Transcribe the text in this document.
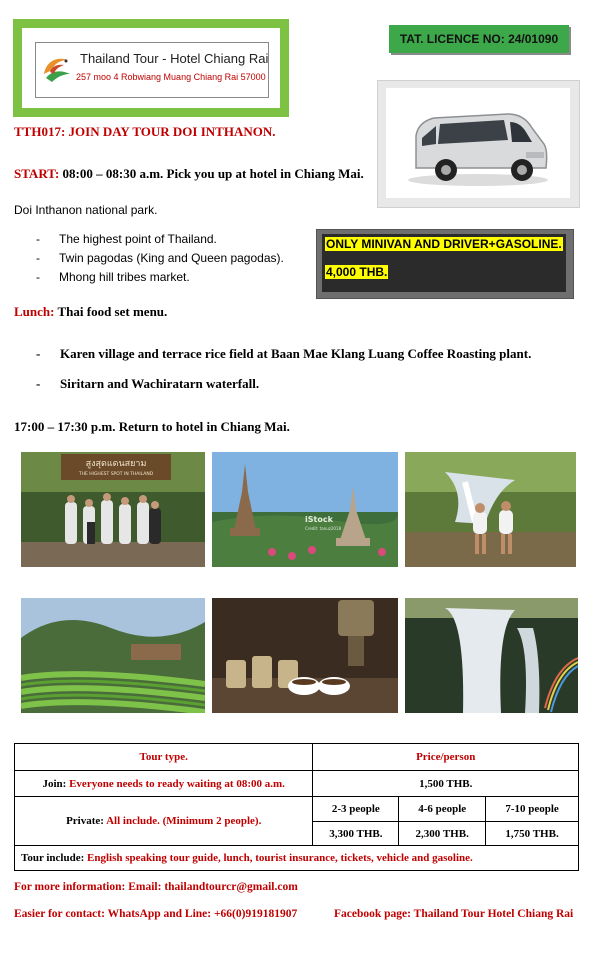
Thailand Tour - Hotel Chiang Rai
257 moo 4 Robwiang Muang Chiang Rai 57000
TAT. LICENCE NO: 24/01090
TTH017: JOIN DAY TOUR DOI INTHANON.
START: 08:00 – 08:30 a.m. Pick you up at hotel in Chiang Mai.
Doi Inthanon national park.
- The highest point of Thailand.
- Twin pagodas (King and Queen pagodas).
- Mhong hill tribes market.
ONLY MINIVAN AND DRIVER+GASOLINE.
4,000 THB.
Lunch: Thai food set menu.
- Karen village and terrace rice field at Baan Mae Klang Luang Coffee Roasting plant.
- Siritarn and Wachiratarn waterfall.
17:00 – 17:30 p.m. Return to hotel in Chiang Mai.
สูงสุดแดนสยาม
THE HIGHEST SPOT IN THAILAND
iStock
Credit: tanuz2018
Tour type.	Price/person		
Join: Everyone needs to ready waiting at 08:00 a.m.	1,500 THB.		
Private: All include. (Minimum 2 people).	2-3 people	4-6 people	7-10 people
	3,300 THB.	2,300 THB.	1,750 THB.
Tour include: English speaking tour guide, lunch, tourist insurance, tickets, vehicle and gasoline.			
For more information: Email: thailandtourcr@gmail.com
Easier for contact: WhatsApp and Line: +66(0)919181907	Facebook page: Thailand Tour Hotel Chiang Rai
